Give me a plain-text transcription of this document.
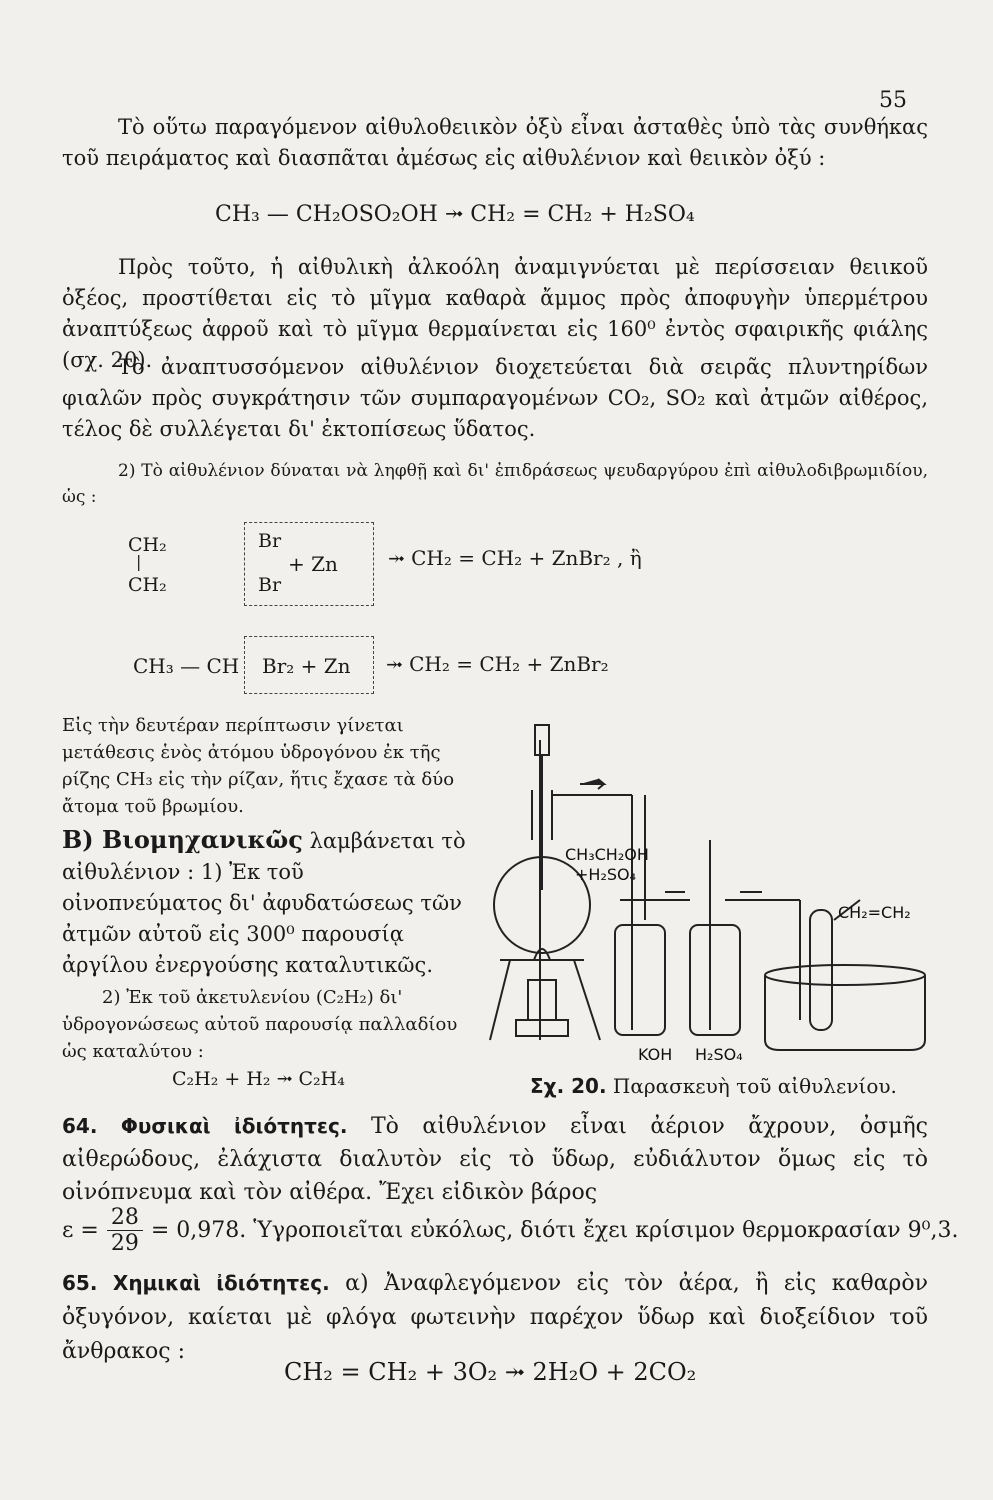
55
Τὸ οὕτω παραγόμενον αἰθυλοθειικὸν ὀξὺ εἶναι ἀσταθὲς ὑπὸ τὰς συνθήκας τοῦ πειράματος καὶ διασπᾶται ἀμέσως εἰς αἰθυλένιον καὶ θειικὸν ὀξύ :
CH₃ — CH₂OSO₂OH ⤞ CH₂ = CH₂ + H₂SO₄
Πρὸς τοῦτο, ἡ αἰθυλικὴ ἀλκοόλη ἀναμιγνύεται μὲ περίσσειαν θειικοῦ ὀξέος, προστίθεται εἰς τὸ μῖγμα καθαρὰ ἄμμος πρὸς ἀποφυγὴν ὑπερμέτρου ἀναπτύξεως ἀφροῦ καὶ τὸ μῖγμα θερμαίνεται εἰς 160⁰ ἐντὸς σφαιρικῆς φιάλης (σχ. 20).
Τὸ ἀναπτυσσόμενον αἰθυλένιον διοχετεύεται διὰ σειρᾶς πλυντηρίδων φιαλῶν πρὸς συγκράτησιν τῶν συμπαραγομένων CO₂, SO₂ καὶ ἀτμῶν αἰθέρος, τέλος δὲ συλλέγεται δι' ἐκτοπίσεως ὕδατος.
2) Τὸ αἰθυλένιον δύναται νὰ ληφθῇ καὶ δι' ἐπιδράσεως ψευδαργύρου ἐπὶ αἰθυλοδιβρωμιδίου, ὡς :
CH₂
|
CH₂
Br
Br
+ Zn	⤞ CH₂ = CH₂ + ZnBr₂ , ἢ
CH₃ — CH Br₂ + Zn ⤞ CH₂ = CH₂ + ZnBr₂
Εἰς τὴν δευτέραν περίπτωσιν γίνεται μετάθεσις ἑνὸς ἀτόμου ὑδρογόνου ἐκ τῆς ρίζης CH₃ εἰς τὴν ρίζαν, ἥτις ἔχασε τὰ δύο ἄτομα τοῦ βρωμίου.
B) Βιομηχανικῶς λαμβάνεται τὸ αἰθυλένιον : 1) Ἐκ τοῦ οἰνοπνεύματος δι' ἀφυδατώσεως τῶν ἀτμῶν αὐτοῦ εἰς 300⁰ παρουσίᾳ ἀργίλου ἐνεργούσης καταλυτικῶς.
2) Ἐκ τοῦ ἀκετυλενίου (C₂H₂) δι' ὑδρογονώσεως αὐτοῦ παρουσίᾳ παλλαδίου ὡς καταλύτου :
C₂H₂ + H₂ ⤞ C₂H₄
CH₃CH₂OH
+H₂SO₄
KOH H₂SO₄
CH₂=CH₂
Σχ. 20. Παρασκευὴ τοῦ αἰθυλενίου.
64. Φυσικαὶ ἰδιότητες. Τὸ αἰθυλένιον εἶναι ἀέριον ἄχρουν, ὀσμῆς αἰθερώδους, ἐλάχιστα διαλυτὸν εἰς τὸ ὕδωρ, εὐδιάλυτον ὅμως εἰς τὸ οἰνόπνευμα καὶ τὸν αἰθέρα. Ἔχει εἰδικὸν βάρος
$\varepsilon = \frac{28}{29} = 0,978$. Ὑγροποιεῖται εὐκόλως, διότι ἔχει κρίσιμον θερμοκρασίαν 9⁰,3.
65. Χημικαὶ ἰδιότητες. α) Ἀναφλεγόμενον εἰς τὸν ἀέρα, ἢ εἰς καθαρὸν ὀξυγόνον, καίεται μὲ φλόγα φωτεινὴν παρέχον ὕδωρ καὶ διοξείδιον τοῦ ἄνθρακος :
CH₂ = CH₂ + 3O₂ ⤞ 2H₂O + 2CO₂
